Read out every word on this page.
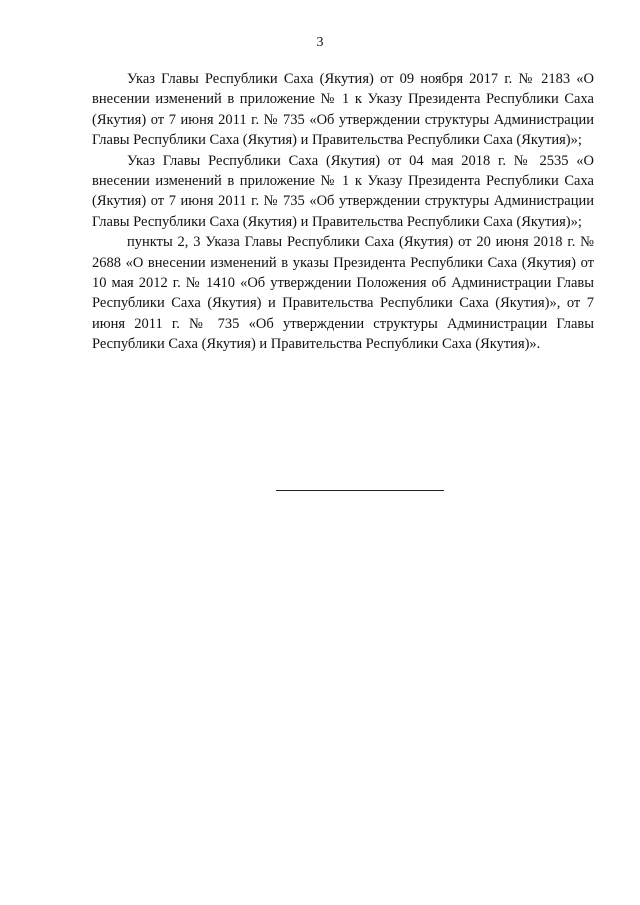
3

Указ Главы Республики Саха (Якутия) от 09 ноября 2017 г. № 2183 «О внесении изменений в приложение № 1 к Указу Президента Республики Саха (Якутия) от 7 июня 2011 г. № 735 «Об утверждении структуры Администрации Главы Республики Саха (Якутия) и Правительства Республики Саха (Якутия)»;

Указ Главы Республики Саха (Якутия) от 04 мая 2018 г. № 2535 «О внесении изменений в приложение № 1 к Указу Президента Республики Саха (Якутия) от 7 июня 2011 г. № 735 «Об утверждении структуры Администрации Главы Республики Саха (Якутия) и Правительства Республики Саха (Якутия)»;

пункты 2, 3 Указа Главы Республики Саха (Якутия) от 20 июня 2018 г. № 2688 «О внесении изменений в указы Президента Республики Саха (Якутия) от 10 мая 2012 г. № 1410 «Об утверждении Положения об Администрации Главы Республики Саха (Якутия) и Правительства Республики Саха (Якутия)», от 7 июня 2011 г. № 735 «Об утверждении структуры Администрации Главы Республики Саха (Якутия) и Правительства Республики Саха (Якутия)».
